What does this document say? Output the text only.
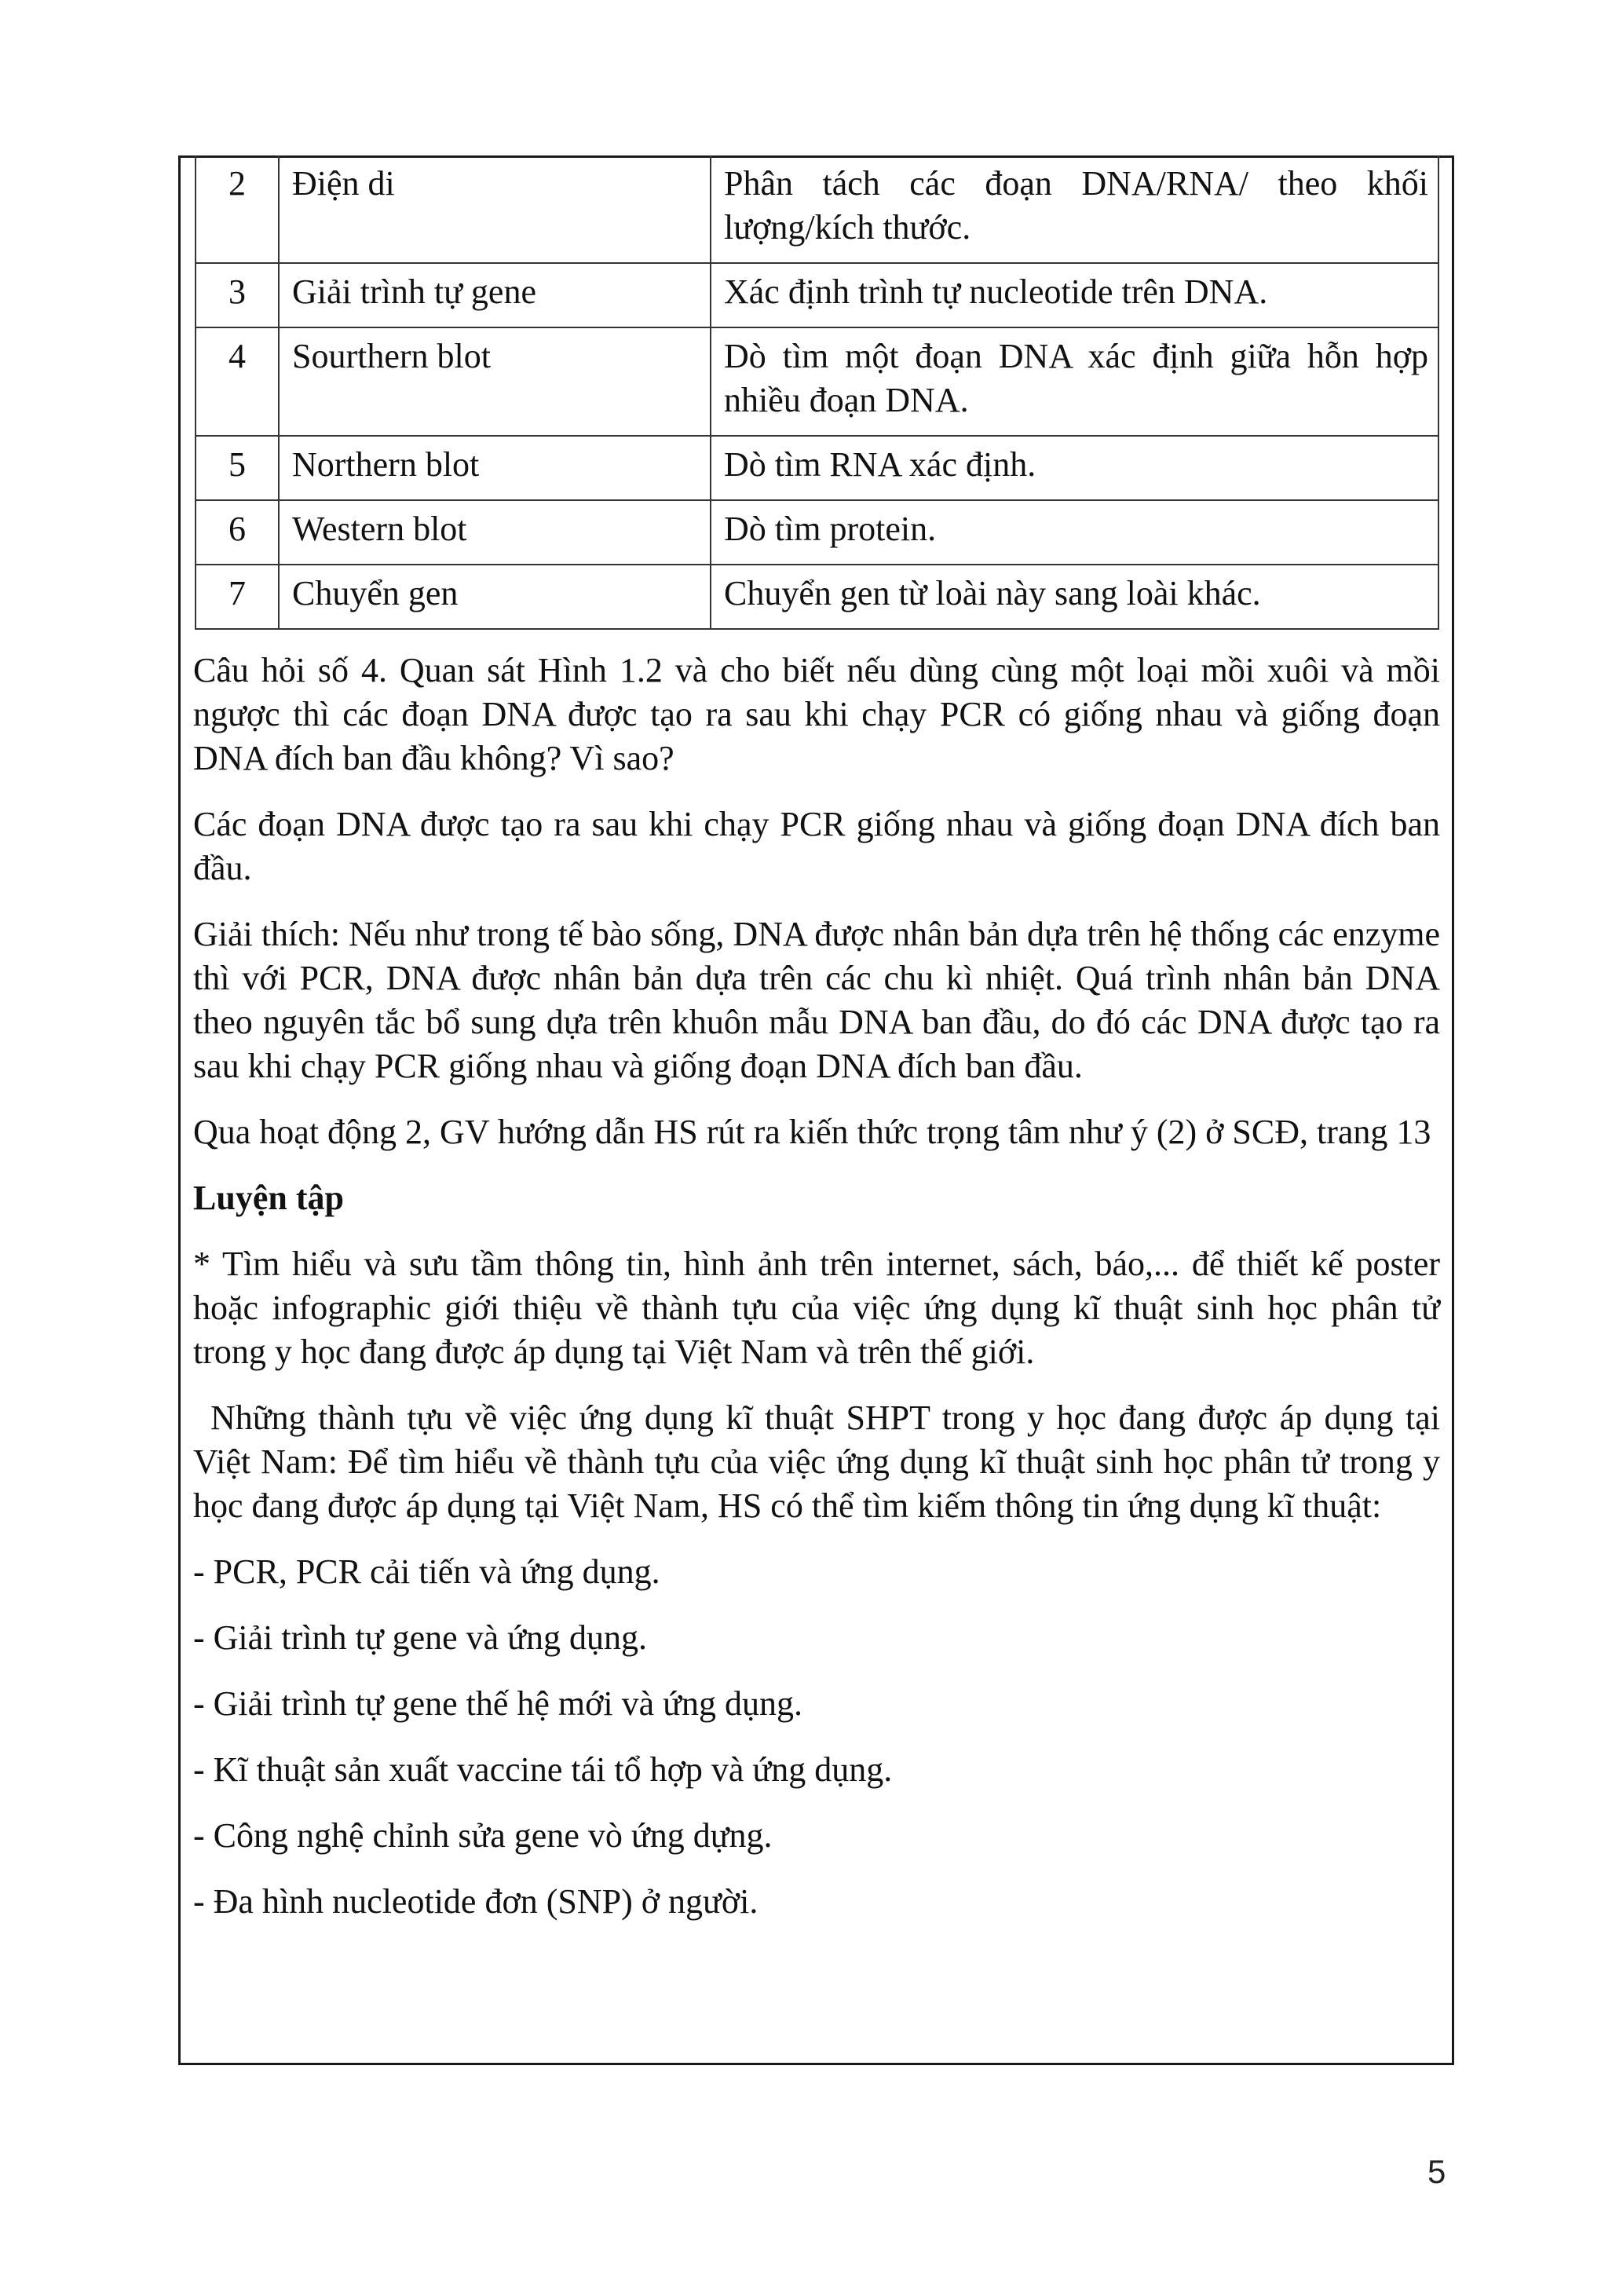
2	Điện di	Phân tách các đoạn DNA/RNA/ theo khối lượng/kích thước.
3	Giải trình tự gene	Xác định trình tự nucleotide trên DNA.
4	Sourthern blot	Dò tìm một đoạn DNA xác định giữa hỗn hợp nhiều đoạn DNA.
5	Northern blot	Dò tìm RNA xác định.
6	Western blot	Dò tìm protein.
7	Chuyển gen	Chuyển gen từ loài này sang loài khác.

Câu hỏi số 4. Quan sát Hình 1.2 và cho biết nếu dùng cùng một loại mồi xuôi và mồi ngược thì các đoạn DNA được tạo ra sau khi chạy PCR có giống nhau và giống đoạn DNA đích ban đầu không? Vì sao?

Các đoạn DNA được tạo ra sau khi chạy PCR giống nhau và giống đoạn DNA đích ban đầu.

Giải thích: Nếu như trong tế bào sống, DNA được nhân bản dựa trên hệ thống các enzyme thì với PCR, DNA được nhân bản dựa trên các chu kì nhiệt. Quá trình nhân bản DNA theo nguyên tắc bổ sung dựa trên khuôn mẫu DNA ban đầu, do đó các DNA được tạo ra sau khi chạy PCR giống nhau và giống đoạn DNA đích ban đầu.

Qua hoạt động 2, GV hướng dẫn HS rút ra kiến thức trọng tâm như ý (2) ở SCĐ, trang 13

Luyện tập

* Tìm hiểu và sưu tầm thông tin, hình ảnh trên internet, sách, báo,... để thiết kế poster hoặc infographic giới thiệu về thành tựu của việc ứng dụng kĩ thuật sinh học phân tử trong y học đang được áp dụng tại Việt Nam và trên thế giới.

Những thành tựu về việc ứng dụng kĩ thuật SHPT trong y học đang được áp dụng tại Việt Nam: Để tìm hiểu về thành tựu của việc ứng dụng kĩ thuật sinh học phân tử trong y học đang được áp dụng tại Việt Nam, HS có thể tìm kiếm thông tin ứng dụng kĩ thuật:

- PCR, PCR cải tiến và ứng dụng.

- Giải trình tự gene và ứng dụng.

- Giải trình tự gene thế hệ mới và ứng dụng.

- Kĩ thuật sản xuất vaccine tái tổ hợp và ứng dụng.

- Công nghệ chỉnh sửa gene vò ứng dựng.

- Đa hình nucleotide đơn (SNP) ở người.

5
